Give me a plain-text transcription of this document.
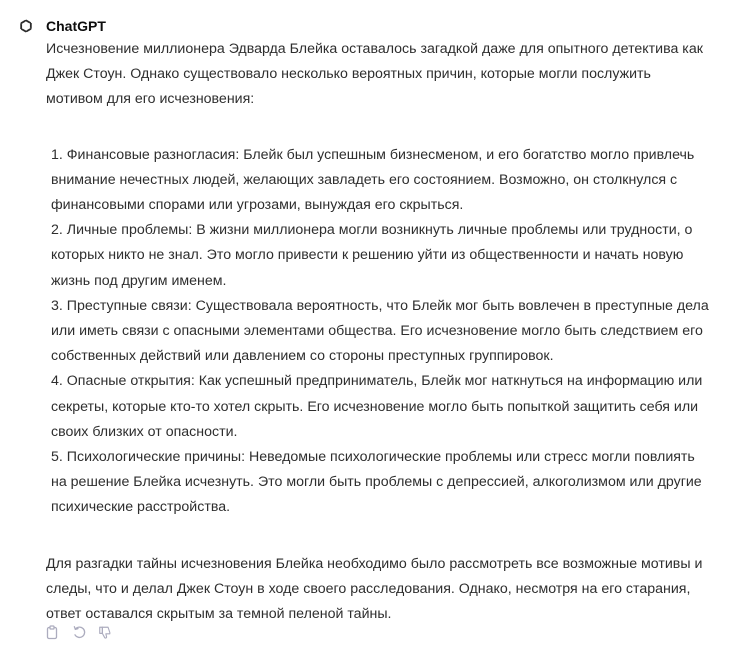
ChatGPT

Исчезновение миллионера Эдварда Блейка оставалось загадкой даже для опытного детектива как Джек Стоун. Однако существовало несколько вероятных причин, которые могли послужить мотивом для его исчезновения:

1. Финансовые разногласия: Блейк был успешным бизнесменом, и его богатство могло привлечь внимание нечестных людей, желающих завладеть его состоянием. Возможно, он столкнулся с финансовыми спорами или угрозами, вынуждая его скрыться.
2. Личные проблемы: В жизни миллионера могли возникнуть личные проблемы или трудности, о которых никто не знал. Это могло привести к решению уйти из общественности и начать новую жизнь под другим именем.
3. Преступные связи: Существовала вероятность, что Блейк мог быть вовлечен в преступные дела или иметь связи с опасными элементами общества. Его исчезновение могло быть следствием его собственных действий или давлением со стороны преступных группировок.
4. Опасные открытия: Как успешный предприниматель, Блейк мог наткнуться на информацию или секреты, которые кто-то хотел скрыть. Его исчезновение могло быть попыткой защитить себя или своих близких от опасности.
5. Психологические причины: Неведомые психологические проблемы или стресс могли повлиять на решение Блейка исчезнуть. Это могли быть проблемы с депрессией, алкоголизмом или другие психические расстройства.

Для разгадки тайны исчезновения Блейка необходимо было рассмотреть все возможные мотивы и следы, что и делал Джек Стоун в ходе своего расследования. Однако, несмотря на его старания, ответ оставался скрытым за темной пеленой тайны.
